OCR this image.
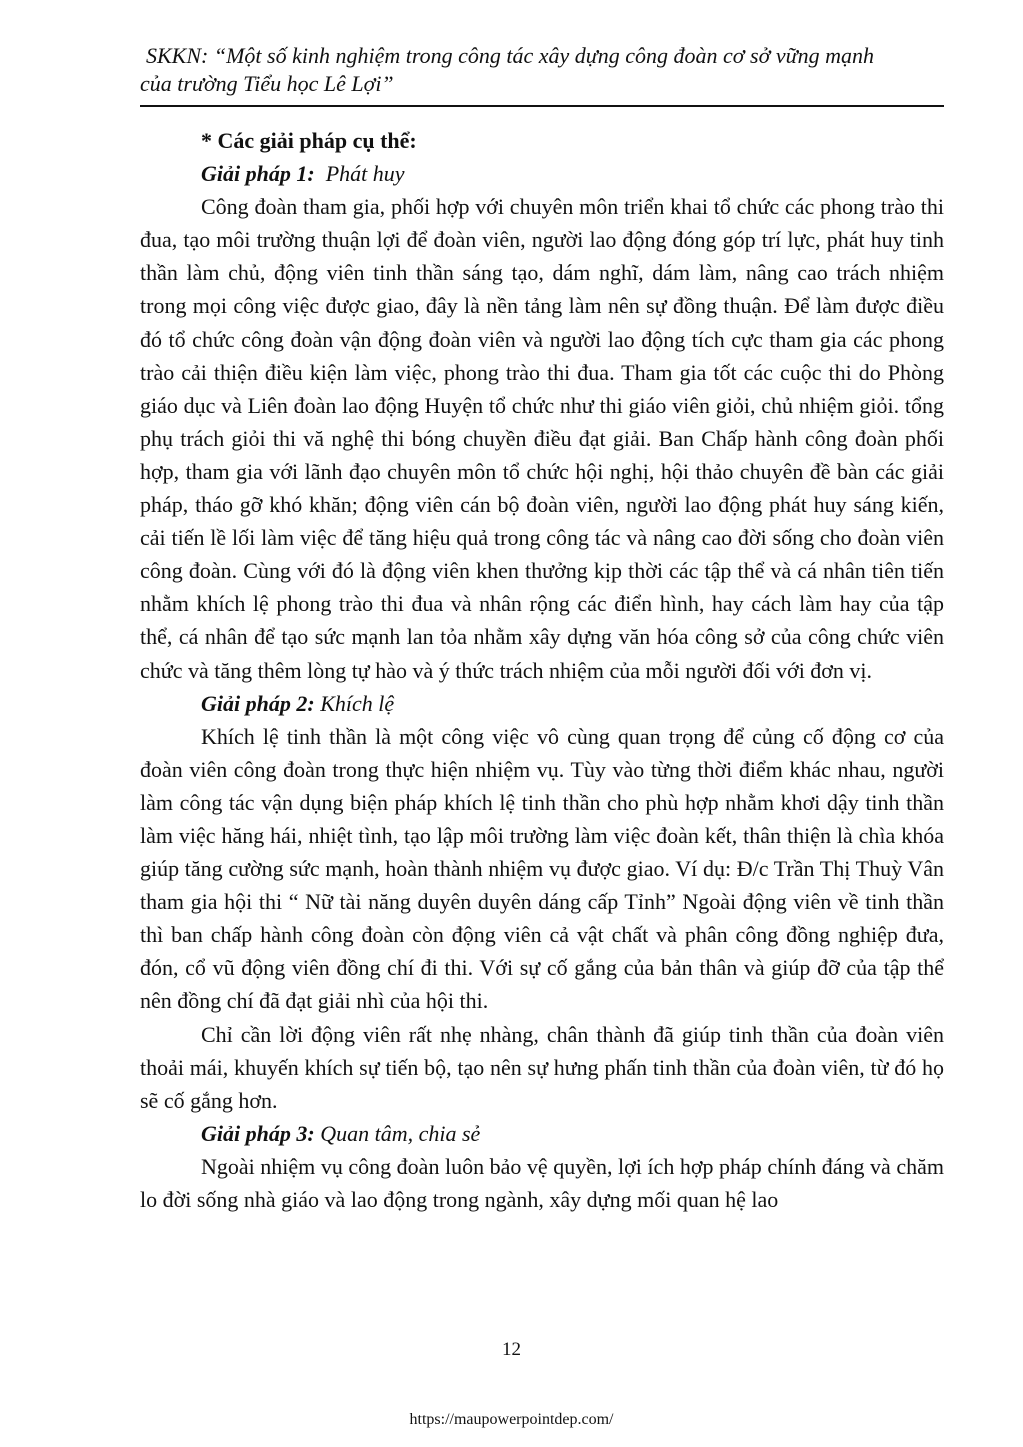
SKKN: “Một số kinh nghiệm trong công tác xây dựng công đoàn cơ sở vững mạnh
của trường Tiểu học Lê Lợi”

* Các giải pháp cụ thể:

Giải pháp 1: Phát huy

Công đoàn tham gia, phối hợp với chuyên môn triển khai tổ chức các phong trào thi đua, tạo môi trường thuận lợi để đoàn viên, người lao động đóng góp trí lực, phát huy tinh thần làm chủ, động viên tinh thần sáng tạo, dám nghĩ, dám làm, nâng cao trách nhiệm trong mọi công việc được giao, đây là nền tảng làm nên sự đồng thuận. Để làm được điều đó tổ chức công đoàn vận động đoàn viên và người lao động tích cực tham gia các phong trào cải thiện điều kiện làm việc, phong trào thi đua. Tham gia tốt các cuộc thi do Phòng giáo dục và Liên đoàn lao động Huyện tổ chức như thi giáo viên giỏi, chủ nhiệm giỏi. tổng phụ trách giỏi thi vă nghệ thi bóng chuyền điều đạt giải. Ban Chấp hành công đoàn phối hợp, tham gia với lãnh đạo chuyên môn tổ chức hội nghị, hội thảo chuyên đề bàn các giải pháp, tháo gỡ khó khăn; động viên cán bộ đoàn viên, người lao động phát huy sáng kiến, cải tiến lề lối làm việc để tăng hiệu quả trong công tác và nâng cao đời sống cho đoàn viên công đoàn. Cùng với đó là động viên khen thưởng kịp thời các tập thể và cá nhân tiên tiến nhằm khích lệ phong trào thi đua và nhân rộng các điển hình, hay cách làm hay của tập thể, cá nhân để tạo sức mạnh lan tỏa nhằm xây dựng văn hóa công sở của công chức viên chức và tăng thêm lòng tự hào và ý thức trách nhiệm của mỗi người đối với đơn vị.

Giải pháp 2: Khích lệ

Khích lệ tinh thần là một công việc vô cùng quan trọng để củng cố động cơ của đoàn viên công đoàn trong thực hiện nhiệm vụ. Tùy vào từng thời điểm khác nhau, người làm công tác vận dụng biện pháp khích lệ tinh thần cho phù hợp nhằm khơi dậy tinh thần làm việc hăng hái, nhiệt tình, tạo lập môi trường làm việc đoàn kết, thân thiện là chìa khóa giúp tăng cường sức mạnh, hoàn thành nhiệm vụ được giao. Ví dụ: Đ/c Trần Thị Thuỳ Vân tham gia hội thi “ Nữ tài năng duyên duyên dáng cấp Tỉnh” Ngoài động viên về tinh thần thì ban chấp hành công đoàn còn động viên cả vật chất và phân công đồng nghiệp đưa, đón, cổ vũ động viên đồng chí đi thi. Với sự cố gắng của bản thân và giúp đỡ của tập thể nên đồng chí đã đạt giải nhì của hội thi.

Chỉ cần lời động viên rất nhẹ nhàng, chân thành đã giúp tinh thần của đoàn viên thoải mái, khuyến khích sự tiến bộ, tạo nên sự hưng phấn tinh thần của đoàn viên, từ đó họ sẽ cố gắng hơn.

Giải pháp 3: Quan tâm, chia sẻ

Ngoài nhiệm vụ công đoàn luôn bảo vệ quyền, lợi ích hợp pháp chính đáng và chăm lo đời sống nhà giáo và lao động trong ngành, xây dựng mối quan hệ lao

12
https://maupowerpointdep.com/
